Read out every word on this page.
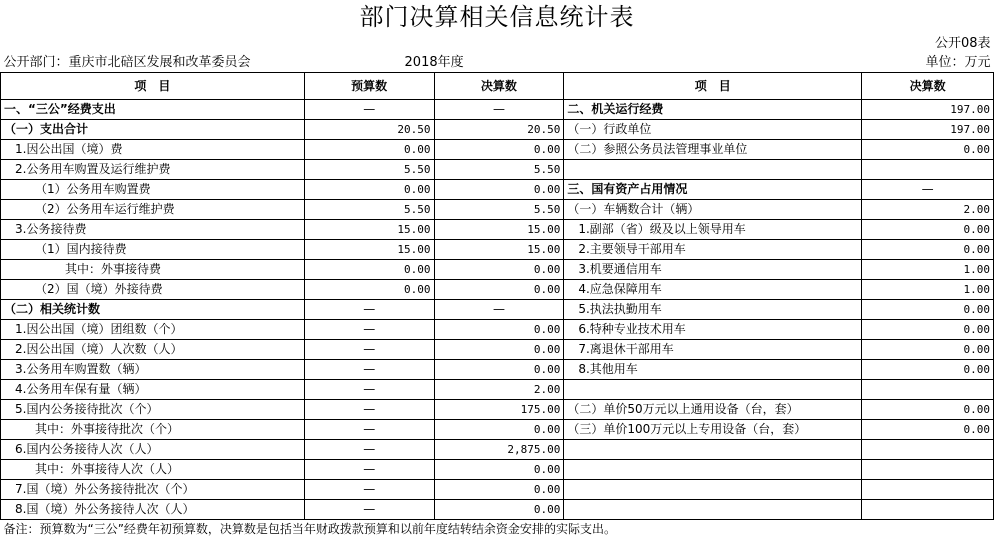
部门决算相关信息统计表				
公开08表				
公开部门：重庆市北碚区发展和改革委员会	2018年度			单位：万元
项　目	预算数	决算数	项　目	决算数
一、“三公”经费支出	—	—	二、机关运行经费	197.00
（一）支出合计	20.50	20.50	（一）行政单位	197.00
1.因公出国（境）费	0.00	0.00	（二）参照公务员法管理事业单位	0.00
2.公务用车购置及运行维护费	5.50	5.50		
（1）公务用车购置费	0.00	0.00	三、国有资产占用情况	—
（2）公务用车运行维护费	5.50	5.50	（一）车辆数合计（辆）	2.00
3.公务接待费	15.00	15.00	1.副部（省）级及以上领导用车	0.00
（1）国内接待费	15.00	15.00	2.主要领导干部用车	0.00
其中：外事接待费	0.00	0.00	3.机要通信用车	1.00
（2）国（境）外接待费	0.00	0.00	4.应急保障用车	1.00
（二）相关统计数	—	—	5.执法执勤用车	0.00
1.因公出国（境）团组数（个）	—	0.00	6.特种专业技术用车	0.00
2.因公出国（境）人次数（人）	—	0.00	7.离退休干部用车	0.00
3.公务用车购置数（辆）	—	0.00	8.其他用车	0.00
4.公务用车保有量（辆）	—	2.00		
5.国内公务接待批次（个）	—	175.00	（二）单价50万元以上通用设备（台，套）	0.00
其中：外事接待批次（个）	—	0.00	（三）单价100万元以上专用设备（台，套）	0.00
6.国内公务接待人次（人）	—	2,875.00		
其中：外事接待人次（人）	—	0.00		
7.国（境）外公务接待批次（个）	—	0.00		
8.国（境）外公务接待人次（人）	—	0.00		
备注：预算数为“三公”经费年初预算数，决算数是包括当年财政拨款预算和以前年度结转结余资金安排的实际支出。				
